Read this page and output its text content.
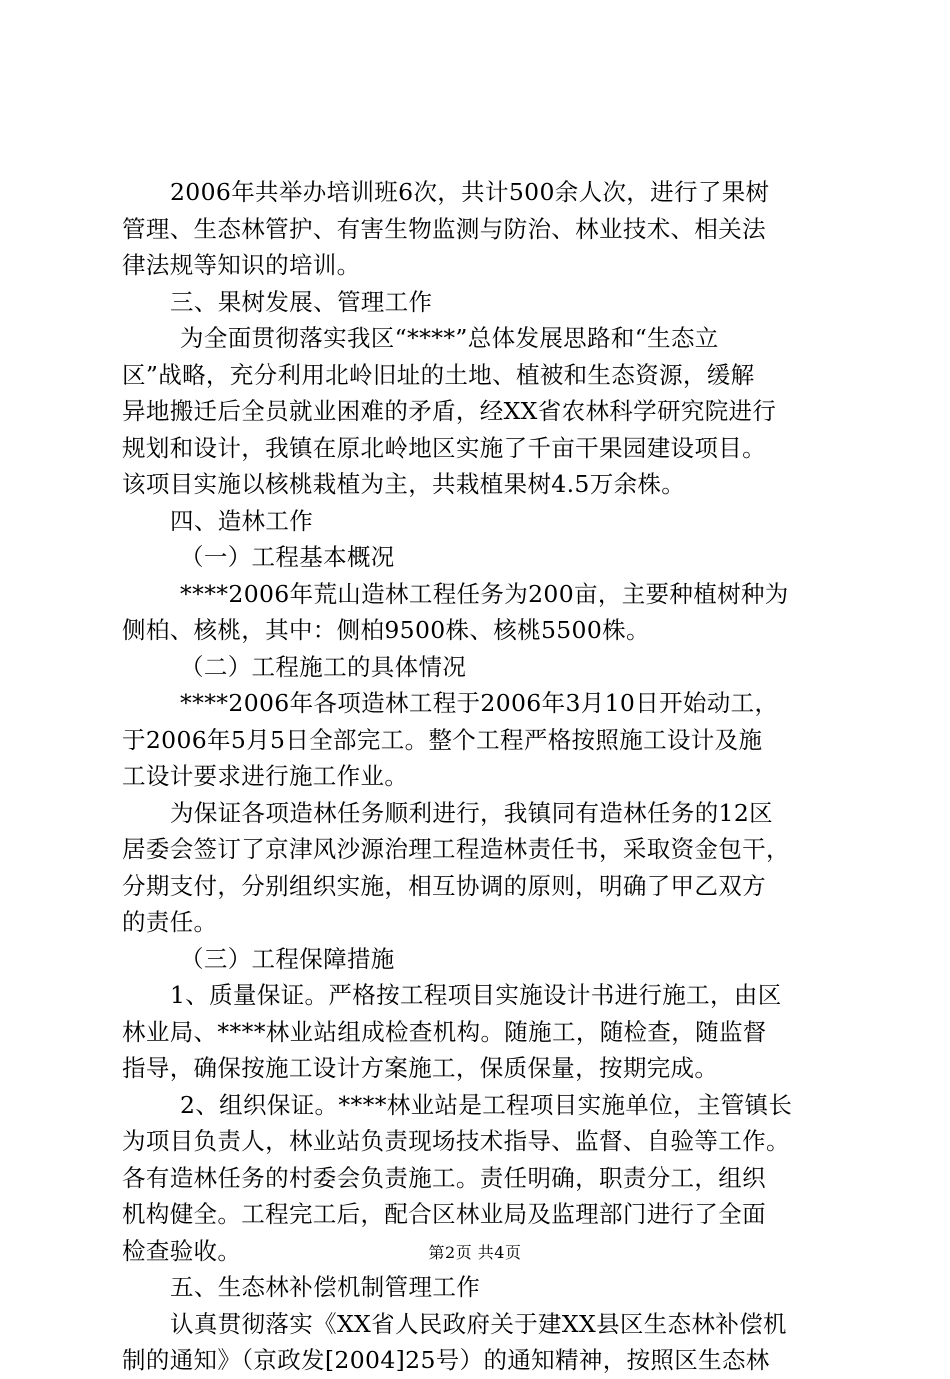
2006年共举办培训班6次，共计500余人次，进行了果树
管理、生态林管护、有害生物监测与防治、林业技术、相关法
律法规等知识的培训。
三、果树发展、管理工作
为全面贯彻落实我区“****”总体发展思路和“生态立
区”战略，充分利用北岭旧址的土地、植被和生态资源，缓解
异地搬迁后全员就业困难的矛盾，经XX省农林科学研究院进行
规划和设计，我镇在原北岭地区实施了千亩干果园建设项目。
该项目实施以核桃栽植为主，共栽植果树4.5万余株。
四、造林工作
（一）工程基本概况
****2006年荒山造林工程任务为200亩，主要种植树种为
侧柏、核桃，其中：侧柏9500株、核桃5500株。
（二）工程施工的具体情况
****2006年各项造林工程于2006年3月10日开始动工，
于2006年5月5日全部完工。整个工程严格按照施工设计及施
工设计要求进行施工作业。
为保证各项造林任务顺利进行，我镇同有造林任务的12区
居委会签订了京津风沙源治理工程造林责任书，采取资金包干，
分期支付，分别组织实施，相互协调的原则，明确了甲乙双方
的责任。
（三）工程保障措施
1、质量保证。严格按工程项目实施设计书进行施工，由区
林业局、****林业站组成检查机构。随施工，随检查，随监督
指导，确保按施工设计方案施工，保质保量，按期完成。
2、组织保证。****林业站是工程项目实施单位，主管镇长
为项目负责人，林业站负责现场技术指导、监督、自验等工作。
各有造林任务的村委会负责施工。责任明确，职责分工，组织
机构健全。工程完工后，配合区林业局及监理部门进行了全面
检查验收。
五、生态林补偿机制管理工作
认真贯彻落实《XX省人民政府关于建XX县区生态林补偿机
制的通知》（京政发[2004]25号）的通知精神，按照区生态林
第2页 共4页
